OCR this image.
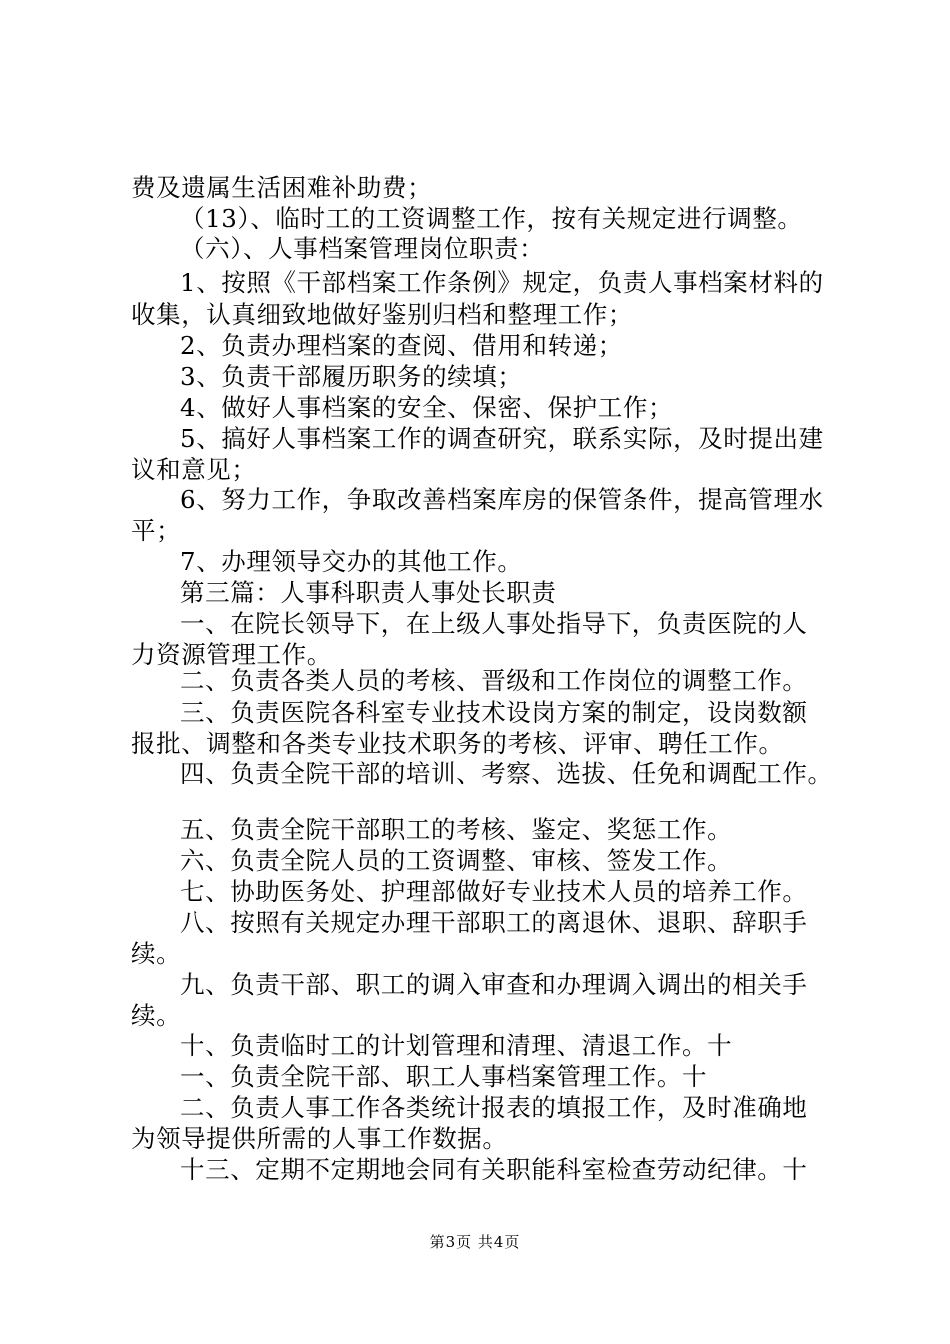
费及遗属生活困难补助费；
（13）、临时工的工资调整工作，按有关规定进行调整。
（六）、人事档案管理岗位职责：
1、按照《干部档案工作条例》规定，负责人事档案材料的
收集，认真细致地做好鉴别归档和整理工作；
2、负责办理档案的查阅、借用和转递；
3、负责干部履历职务的续填；
4、做好人事档案的安全、保密、保护工作；
5、搞好人事档案工作的调查研究，联系实际，及时提出建
议和意见；
6、努力工作，争取改善档案库房的保管条件，提高管理水
平；
7、办理领导交办的其他工作。
第三篇：人事科职责人事处长职责
一、在院长领导下，在上级人事处指导下，负责医院的人
力资源管理工作。
二、负责各类人员的考核、晋级和工作岗位的调整工作。
三、负责医院各科室专业技术设岗方案的制定，设岗数额
报批、调整和各类专业技术职务的考核、评审、聘任工作。
四、负责全院干部的培训、考察、选拔、任免和调配工作。
五、负责全院干部职工的考核、鉴定、奖惩工作。
六、负责全院人员的工资调整、审核、签发工作。
七、协助医务处、护理部做好专业技术人员的培养工作。
八、按照有关规定办理干部职工的离退休、退职、辞职手
续。
九、负责干部、职工的调入审查和办理调入调出的相关手
续。
十、负责临时工的计划管理和清理、清退工作。十
一、负责全院干部、职工人事档案管理工作。十
二、负责人事工作各类统计报表的填报工作，及时准确地
为领导提供所需的人事工作数据。
十三、定期不定期地会同有关职能科室检查劳动纪律。十
第3页 共4页
